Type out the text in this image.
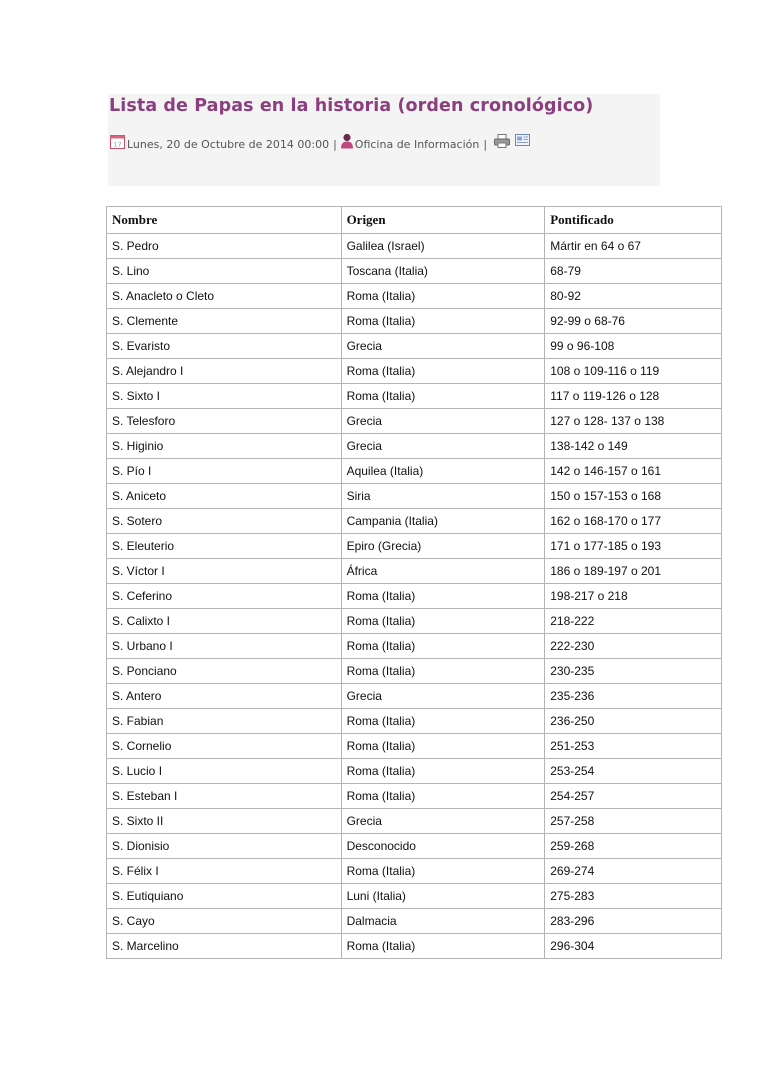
Lista de Papas en la historia (orden cronológico)
17 Lunes, 20 de Octubre de 2014 00:00 | Oficina de Información |
Nombre	Origen	Pontificado
S. Pedro	Galilea (Israel)	Mártir en 64 o 67
S. Lino	Toscana (Italia)	68-79
S. Anacleto o Cleto	Roma (Italia)	80-92
S. Clemente	Roma (Italia)	92-99 o 68-76
S. Evaristo	Grecia	99 o 96-108
S. Alejandro I	Roma (Italia)	108 o 109-116 o 119
S. Sixto I	Roma (Italia)	117 o 119-126 o 128
S. Telesforo	Grecia	127 o 128- 137 o 138
S. Higinio	Grecia	138-142 o 149
S. Pío I	Aquilea (Italia)	142 o 146-157 o 161
S. Aniceto	Siria	150 o 157-153 o 168
S. Sotero	Campania (Italia)	162 o 168-170 o 177
S. Eleuterio	Epiro (Grecia)	171 o 177-185 o 193
S. Víctor I	África	186 o 189-197 o 201
S. Ceferino	Roma (Italia)	198-217 o 218
S. Calixto I	Roma (Italia)	218-222
S. Urbano I	Roma (Italia)	222-230
S. Ponciano	Roma (Italia)	230-235
S. Antero	Grecia	235-236
S. Fabian	Roma (Italia)	236-250
S. Cornelio	Roma (Italia)	251-253
S. Lucio I	Roma (Italia)	253-254
S. Esteban I	Roma (Italia)	254-257
S. Sixto II	Grecia	257-258
S. Dionisio	Desconocido	259-268
S. Félix I	Roma (Italia)	269-274
S. Eutiquiano	Luni (Italia)	275-283
S. Cayo	Dalmacia	283-296
S. Marcelino	Roma (Italia)	296-304
